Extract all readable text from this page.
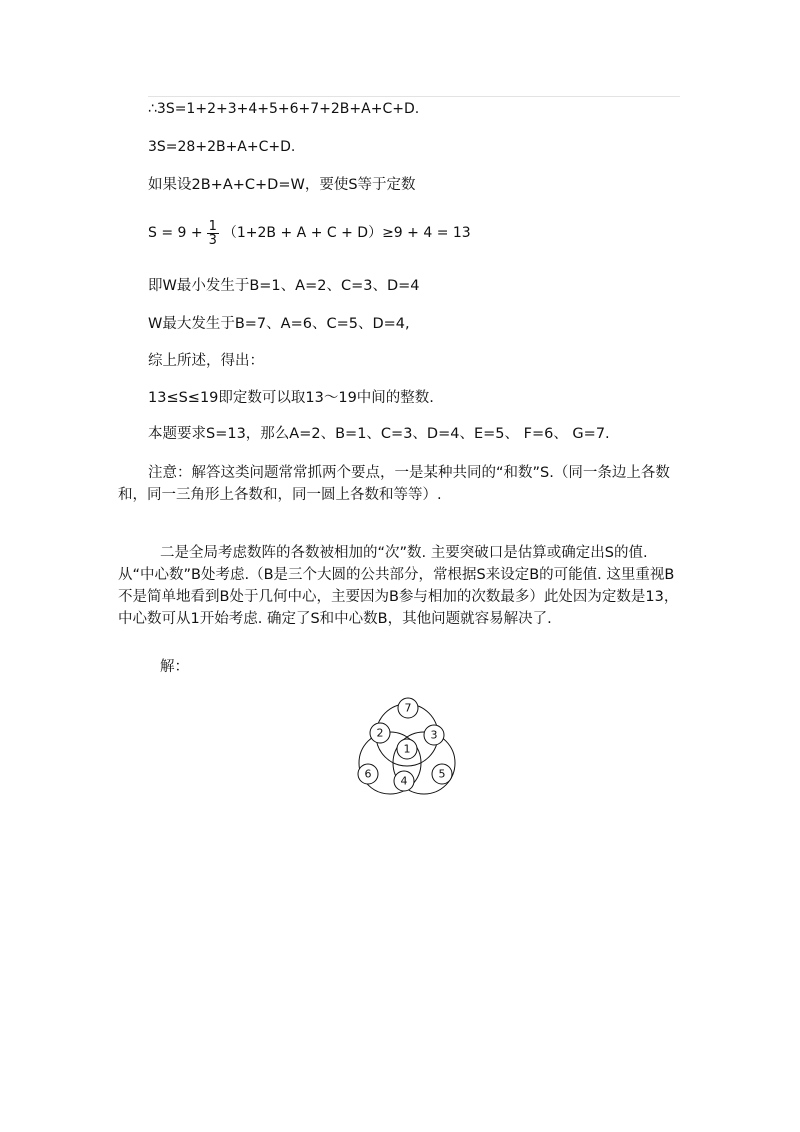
∴3S=1+2+3+4+5+6+7+2B+A+C+D.
3S=28+2B+A+C+D.
如果设2B+A+C+D=W，要使S等于定数
$S = 9 + \frac{1}{3} (1+2B + A + C + D)\ge 9 + 4 = 13$
即W最小发生于B=1、A=2、C=3、D=4
W最大发生于B=7、A=6、C=5、D=4,
综上所述，得出：
13≤S≤19即定数可以取13～19中间的整数.
本题要求S=13，那么A=2、B=1、C=3、D=4、E=5、 F=6、 G=7.
注意：解答这类问题常常抓两个要点，一是某种共同的“和数”S.（同一条边上各数和，同一三角形上各数和，同一圆上各数和等等）.
二是全局考虑数阵的各数被相加的“次”数. 主要突破口是估算或确定出S的值. 从“中心数”B处考虑.（B是三个大圆的公共部分，常根据S来设定B的可能值. 这里重视B不是简单地看到B处于几何中心，主要因为B参与相加的次数最多）此处因为定数是13，中心数可从1开始考虑. 确定了S和中心数B，其他问题就容易解决了.
解：
7
2	3
1
6
4
5
